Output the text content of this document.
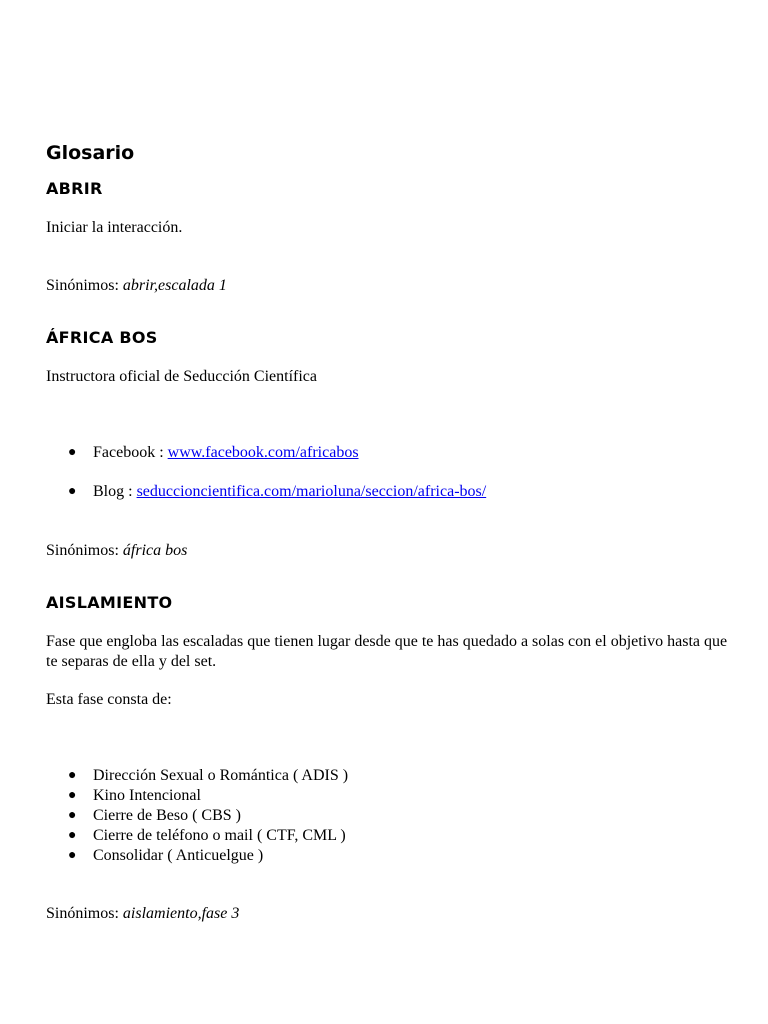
Glosario
ABRIR

Iniciar la interacción.

Sinónimos: abrir,escalada 1

ÁFRICA BOS

Instructora oficial de Seducción Científica

● Facebook : www.facebook.com/africabos
● Blog : seduccioncientifica.com/marioluna/seccion/africa-bos/

Sinónimos: áfrica bos

AISLAMIENTO

Fase que engloba las escaladas que tienen lugar desde que te has quedado a solas con el objetivo hasta que te separas de ella y del set.

Esta fase consta de:

● Dirección Sexual o Romántica ( ADIS )
● Kino Intencional
● Cierre de Beso ( CBS )
● Cierre de teléfono o mail ( CTF, CML )
● Consolidar ( Anticuelgue )

Sinónimos: aislamiento,fase 3
